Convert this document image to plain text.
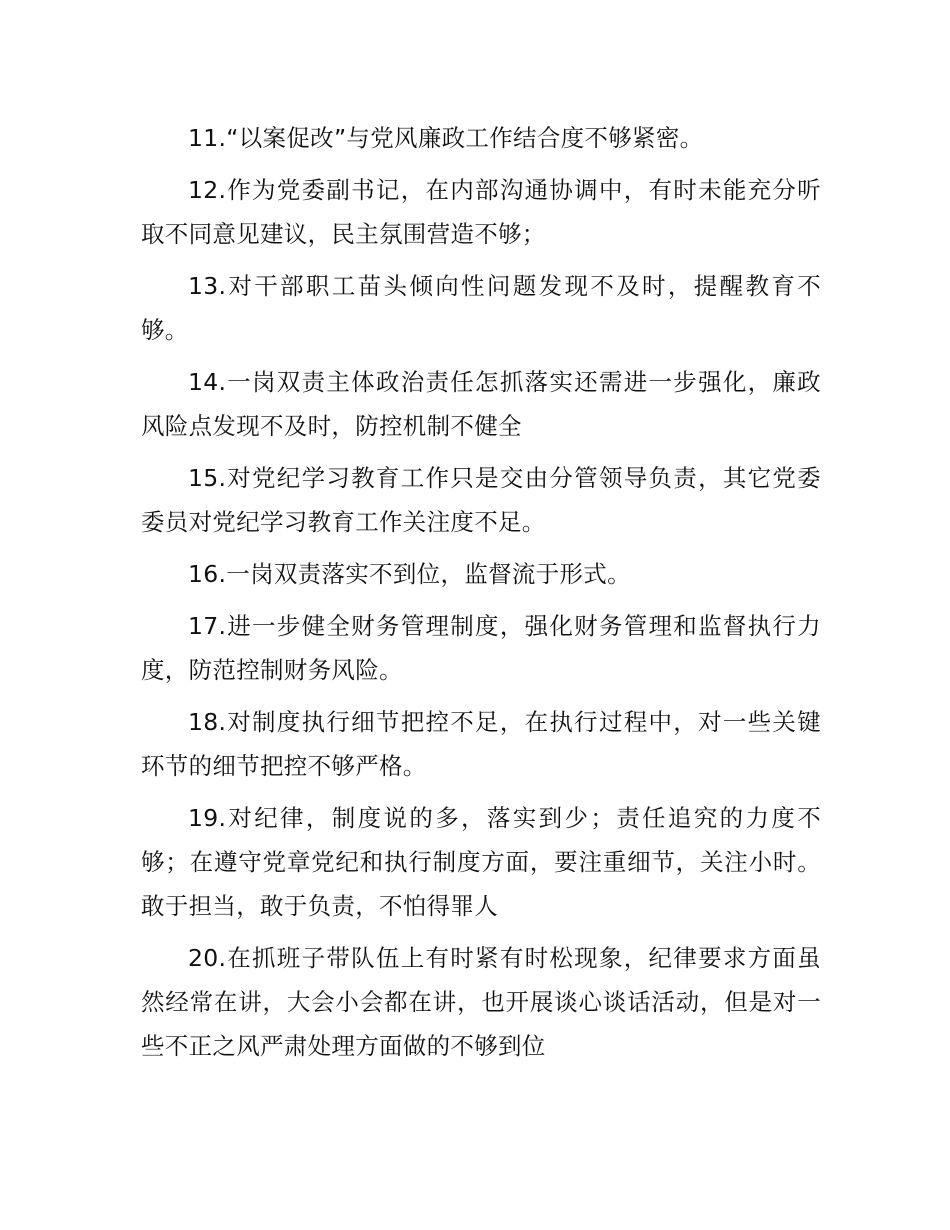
11.“以案促改”与党风廉政工作结合度不够紧密。

12.作为党委副书记，在内部沟通协调中，有时未能充分听取不同意见建议，民主氛围营造不够；

13.对干部职工苗头倾向性问题发现不及时，提醒教育不够。

14.一岗双责主体政治责任怎抓落实还需进一步强化，廉政风险点发现不及时，防控机制不健全

15.对党纪学习教育工作只是交由分管领导负责，其它党委委员对党纪学习教育工作关注度不足。

16.一岗双责落实不到位，监督流于形式。

17.进一步健全财务管理制度，强化财务管理和监督执行力度，防范控制财务风险。

18.对制度执行细节把控不足，在执行过程中，对一些关键环节的细节把控不够严格。

19.对纪律，制度说的多，落实到少；责任追究的力度不够；在遵守党章党纪和执行制度方面，要注重细节，关注小时。敢于担当，敢于负责，不怕得罪人

20.在抓班子带队伍上有时紧有时松现象，纪律要求方面虽然经常在讲，大会小会都在讲，也开展谈心谈话活动，但是对一些不正之风严肃处理方面做的不够到位
